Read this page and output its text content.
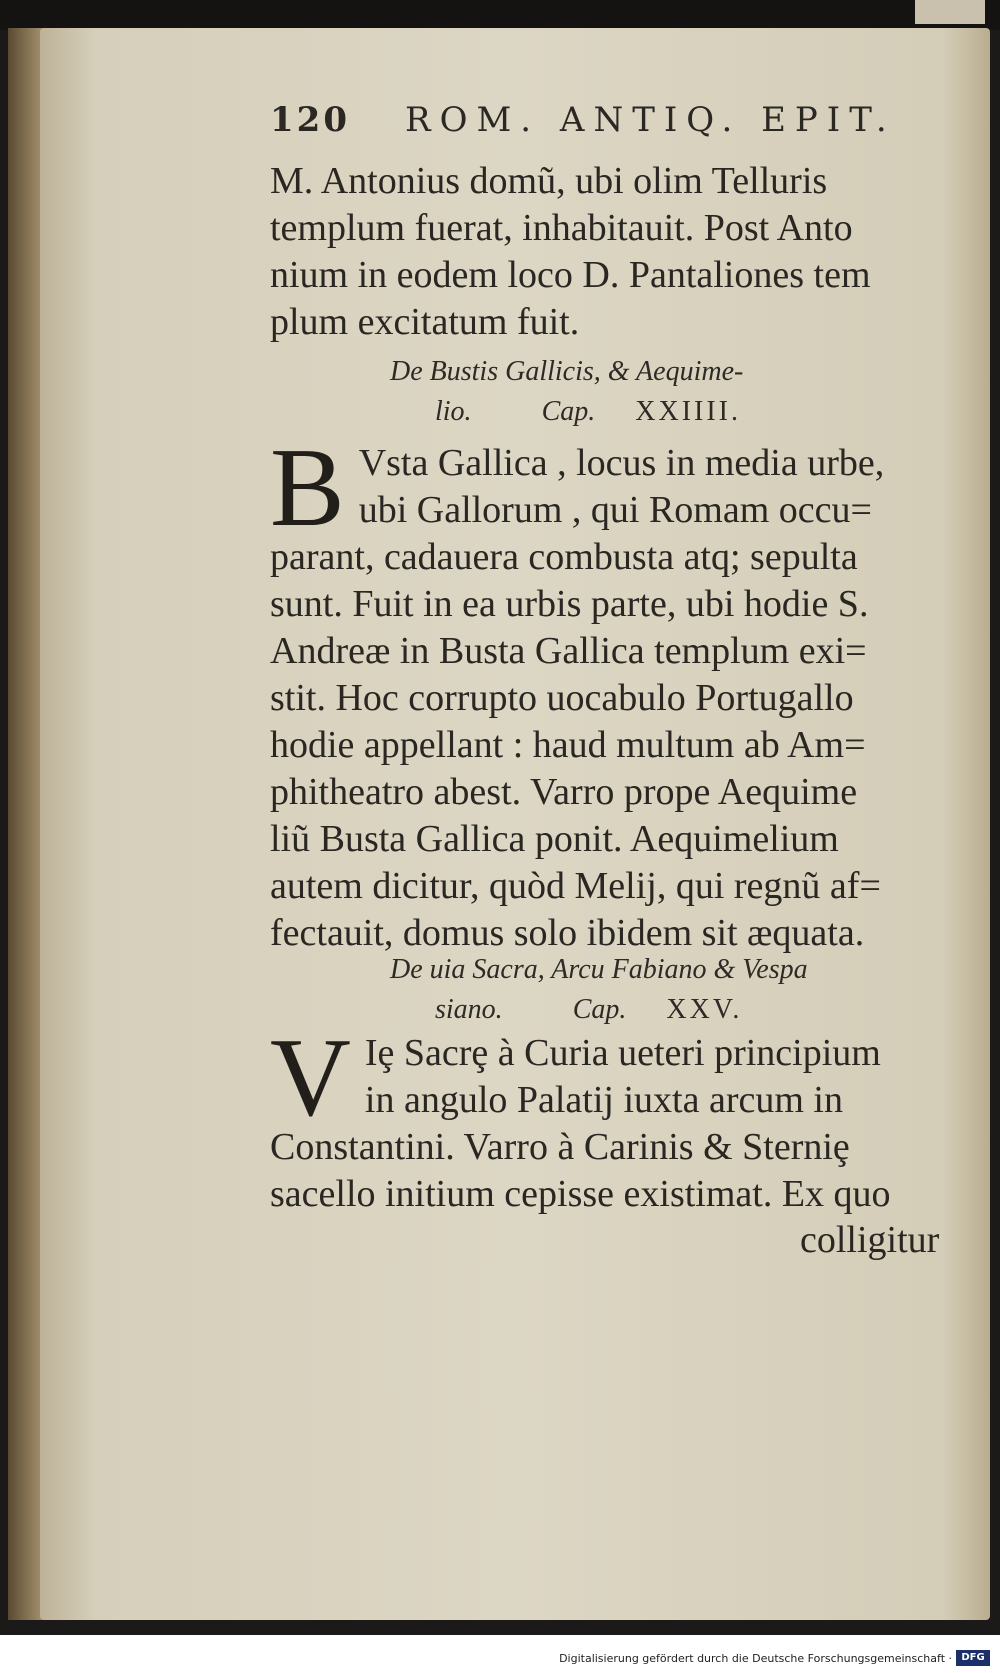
120 ROM. ANTIQ. EPIT.
M. Antonius domũ, ubi olim Telluris
templum fuerat, inhabitauit. Post Anto
nium in eodem loco D. Pantaliones tem
plum excitatum fuit.
De Bustis Gallicis, & Aequime-
lio.	Cap. XXIIII.
B Vsta Gallica , locus in media urbe,
ubi Gallorum , qui Romam occu=
parant, cadauera combusta atq; sepulta
sunt. Fuit in ea urbis parte, ubi hodie S.
Andreæ in Busta Gallica templum exi=
stit. Hoc corrupto uocabulo Portugallo
hodie appellant : haud multum ab Am=
phitheatro abest. Varro prope Aequime
liũ Busta Gallica ponit. Aequimelium
autem dicitur, quòd Melij, qui regnũ af=
fectauit, domus solo ibidem sit æquata.
De uia Sacra, Arcu Fabiano & Vespa
siano.	Cap. XXV.
V Iȩ Sacrȩ à Curia ueteri principium
in angulo Palatij iuxta arcum in
Constantini. Varro à Carinis & Sterniȩ
sacello initium cepisse existimat. Ex quo
colligitur
Digitalisierung gefördert durch die Deutsche Forschungsgemeinschaft · DFG
